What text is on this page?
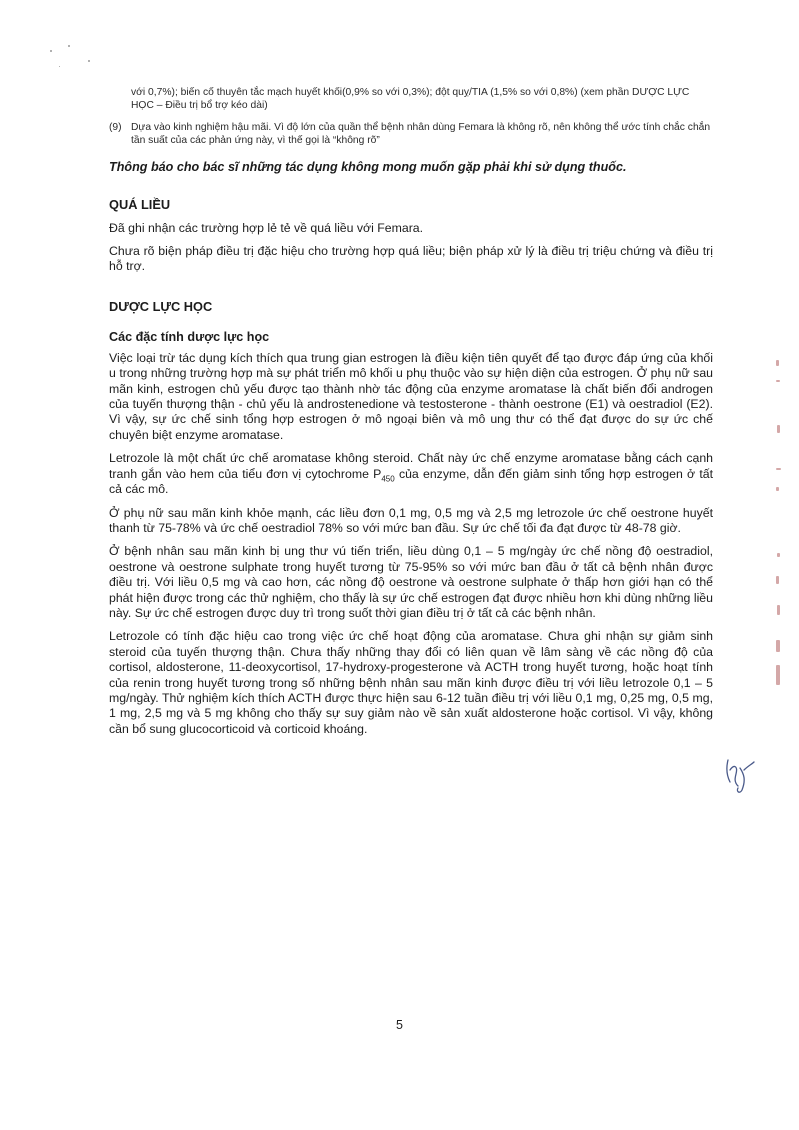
với 0,7%); biến cố thuyên tắc mạch huyết khối(0,9% so với 0,3%); đột quỵ/TIA (1,5% so với 0,8%) (xem phần DƯỢC LỰC HỌC – Điều trị bổ trợ kéo dài)
(9) Dựa vào kinh nghiệm hậu mãi. Vì độ lớn của quần thể bệnh nhân dùng Femara là không rõ, nên không thể ước tính chắc chắn tần suất của các phản ứng này, vì thế gọi là “không rõ”
Thông báo cho bác sĩ những tác dụng không mong muốn gặp phải khi sử dụng thuốc.
QUÁ LIỀU

Đã ghi nhận các trường hợp lẻ tẻ về quá liều với Femara.

Chưa rõ biện pháp điều trị đặc hiệu cho trường hợp quá liều; biện pháp xử lý là điều trị triệu chứng và điều trị hỗ trợ.

DƯỢC LỰC HỌC
Các đặc tính dược lực học

Việc loại trừ tác dụng kích thích qua trung gian estrogen là điều kiện tiên quyết để tạo được đáp ứng của khối u trong những trường hợp mà sự phát triển mô khối u phụ thuộc vào sự hiện diện của estrogen. Ở phụ nữ sau mãn kinh, estrogen chủ yếu được tạo thành nhờ tác động của enzyme aromatase là chất biến đổi androgen của tuyến thượng thận - chủ yếu là androstenedione và testosterone - thành oestrone (E1) và oestradiol (E2). Vì vậy, sự ức chế sinh tổng hợp estrogen ở mô ngoại biên và mô ung thư có thể đạt được do sự ức chế chuyên biệt enzyme aromatase.

Letrozole là một chất ức chế aromatase không steroid. Chất này ức chế enzyme aromatase bằng cách cạnh tranh gắn vào hem của tiểu đơn vị cytochrome $P_{450}$ của enzyme, dẫn đến giảm sinh tổng hợp estrogen ở tất cả các mô.

Ở phụ nữ sau mãn kinh khỏe mạnh, các liều đơn 0,1 mg, 0,5 mg và 2,5 mg letrozole ức chế oestrone huyết thanh từ 75-78% và ức chế oestradiol 78% so với mức ban đầu. Sự ức chế tối đa đạt được từ 48-78 giờ.

Ở bệnh nhân sau mãn kinh bị ung thư vú tiến triển, liều dùng 0,1 – 5 mg/ngày ức chế nồng độ oestradiol, oestrone và oestrone sulphate trong huyết tương từ 75-95% so với mức ban đầu ở tất cả bệnh nhân được điều trị. Với liều 0,5 mg và cao hơn, các nồng độ oestrone và oestrone sulphate ở thấp hơn giới hạn có thể phát hiện được trong các thử nghiệm, cho thấy là sự ức chế estrogen đạt được nhiều hơn khi dùng những liều này. Sự ức chế estrogen được duy trì trong suốt thời gian điều trị ở tất cả các bệnh nhân.

Letrozole có tính đặc hiệu cao trong việc ức chế hoạt động của aromatase. Chưa ghi nhận sự giảm sinh steroid của tuyến thượng thận. Chưa thấy những thay đổi có liên quan về lâm sàng về các nồng độ của cortisol, aldosterone, 11-deoxycortisol, 17-hydroxy-progesterone và ACTH trong huyết tương, hoặc hoạt tính của renin trong huyết tương trong số những bệnh nhân sau mãn kinh được điều trị với liều letrozole 0,1 – 5 mg/ngày. Thử nghiệm kích thích ACTH được thực hiện sau 6-12 tuần điều trị với liều 0,1 mg, 0,25 mg, 0,5 mg, 1 mg, 2,5 mg và 5 mg không cho thấy sự suy giảm nào về sản xuất aldosterone hoặc cortisol. Vì vậy, không cần bổ sung glucocorticoid và corticoid khoáng.

5
